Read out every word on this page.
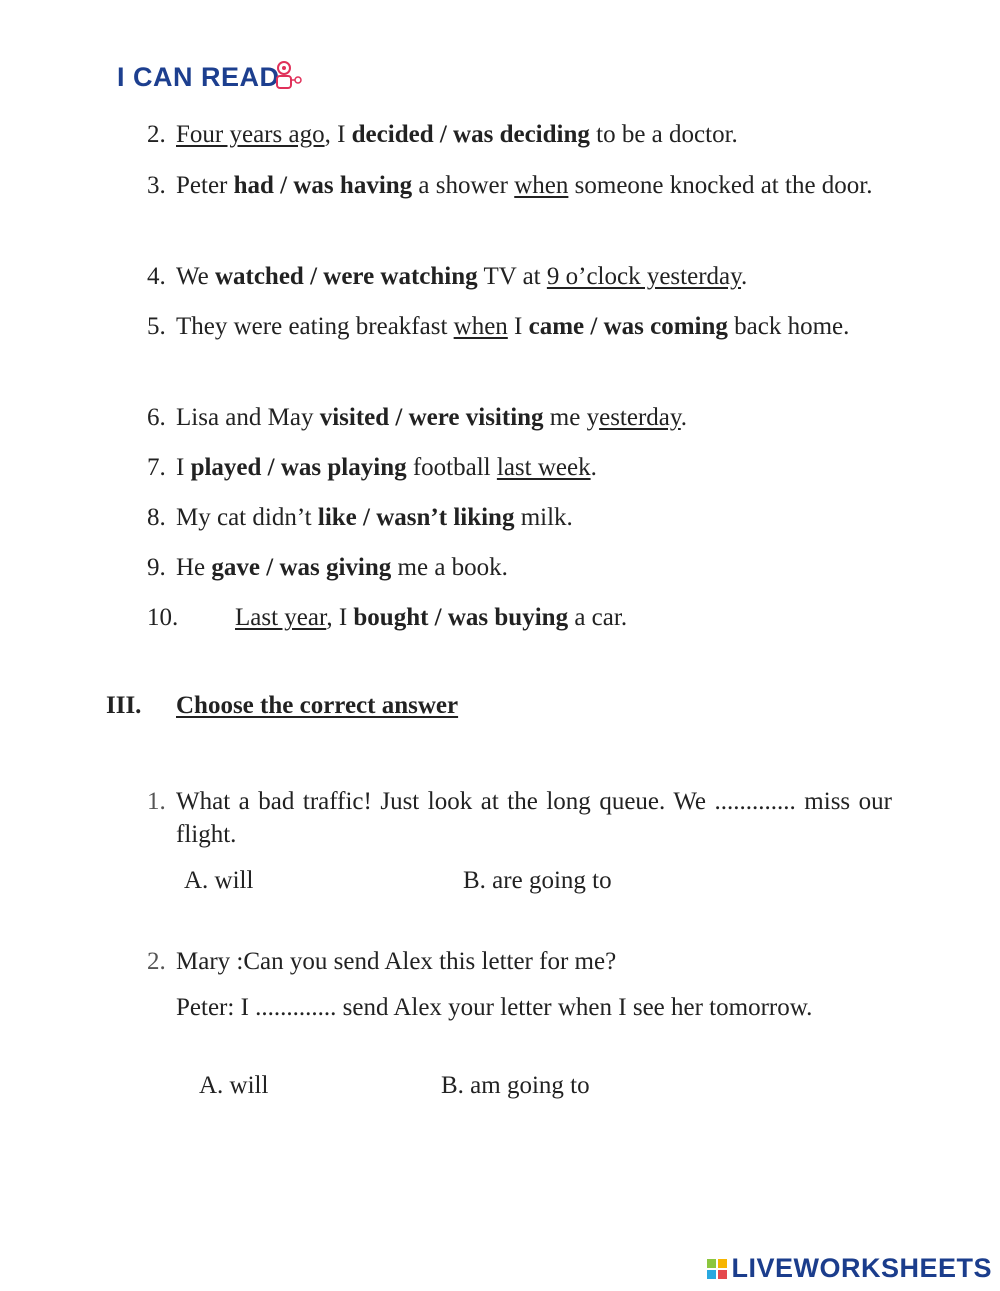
I CAN READ
2. Four years ago, I decided / was deciding to be a doctor.
3. Peter had / was having a shower when someone knocked at the door.
4. We watched / were watching TV at 9 o’clock yesterday.
5. They were eating breakfast when I came / was coming back home.
6. Lisa and May visited / were visiting me yesterday.
7. I played / was playing football last week.
8. My cat didn’t like / wasn’t liking milk.
9. He gave / was giving me a book.
10. Last year, I bought / was buying a car.
III. Choose the correct answer
1. What a bad traffic! Just look at the long queue. We ............. miss our flight.
A. will	B. are going to
2. Mary :Can you send Alex this letter for me?
Peter: I ............. send Alex your letter when I see her tomorrow.
A. will	B. am going to
LIVEWORKSHEETS
